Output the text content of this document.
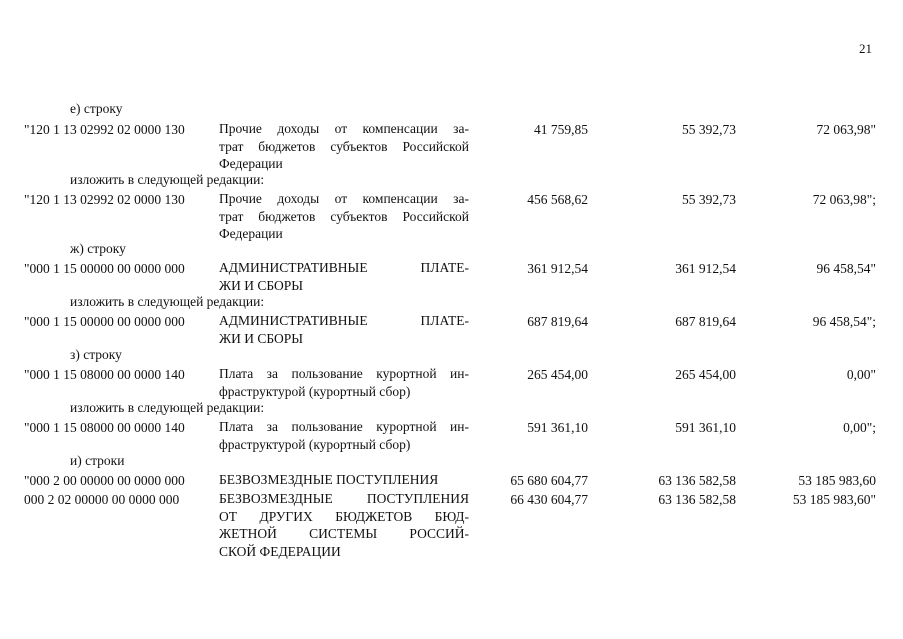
21
е) строку
"120 1 13 02992 02 0000 130	Прочие доходы от компенсации за-
трат бюджетов субъектов Российской
Федерации
41 759,85	55 392,73	72 063,98"
изложить в следующей редакции:
"120 1 13 02992 02 0000 130	Прочие доходы от компенсации за-
трат бюджетов субъектов Российской
Федерации
456 568,62	55 392,73	72 063,98";
ж) строку
"000 1 15 00000 00 0000 000	АДМИНИСТРАТИВНЫЕ ПЛАТЕ-
ЖИ И СБОРЫ
361 912,54	361 912,54	96 458,54"
изложить в следующей редакции:
"000 1 15 00000 00 0000 000	АДМИНИСТРАТИВНЫЕ ПЛАТЕ-
ЖИ И СБОРЫ
687 819,64	687 819,64	96 458,54";
з) строку
"000 1 15 08000 00 0000 140	Плата за пользование курортной ин-
фраструктурой (курортный сбор)
265 454,00	265 454,00	0,00"
изложить в следующей редакции:
"000 1 15 08000 00 0000 140	Плата за пользование курортной ин-
фраструктурой (курортный сбор)
591 361,10	591 361,10	0,00";
и) строки
"000 2 00 00000 00 0000 000	БЕЗВОЗМЕЗДНЫЕ ПОСТУПЛЕНИЯ	65 680 604,77	63 136 582,58	53 185 983,60
000 2 02 00000 00 0000 000	БЕЗВОЗМЕЗДНЫЕ ПОСТУПЛЕНИЯ
ОТ ДРУГИХ БЮДЖЕТОВ БЮД-
ЖЕТНОЙ СИСТЕМЫ РОССИЙ-
СКОЙ ФЕДЕРАЦИИ
66 430 604,77	63 136 582,58	53 185 983,60"
